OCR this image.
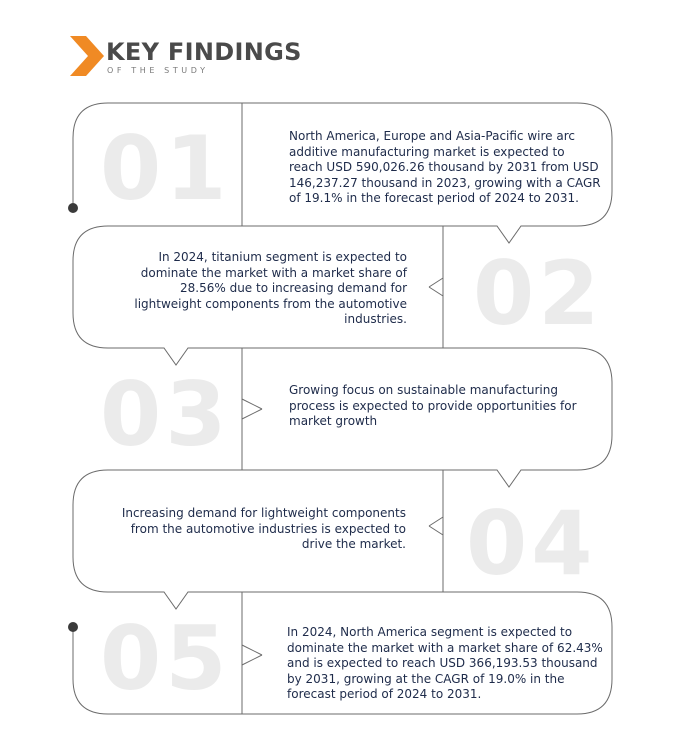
KEY FINDINGS
OF THE STUDY
01	North America, Europe and Asia-Pacific wire arc additive manufacturing market is expected to reach USD 590,026.26 thousand by 2031 from USD 146,237.27 thousand in 2023, growing with a CAGR of 19.1% in the forecast period of 2024 to 2031.
02
In 2024, titanium segment is expected to dominate the market with a market share of 28.56% due to increasing demand for lightweight components from the automotive industries.
03	Growing focus on sustainable manufacturing process is expected to provide opportunities for market growth
04
Increasing demand for lightweight components from the automotive industries is expected to drive the market.
05	In 2024, North America segment is expected to dominate the market with a market share of 62.43% and is expected to reach USD 366,193.53 thousand by 2031, growing at the CAGR of 19.0% in the forecast period of 2024 to 2031.
